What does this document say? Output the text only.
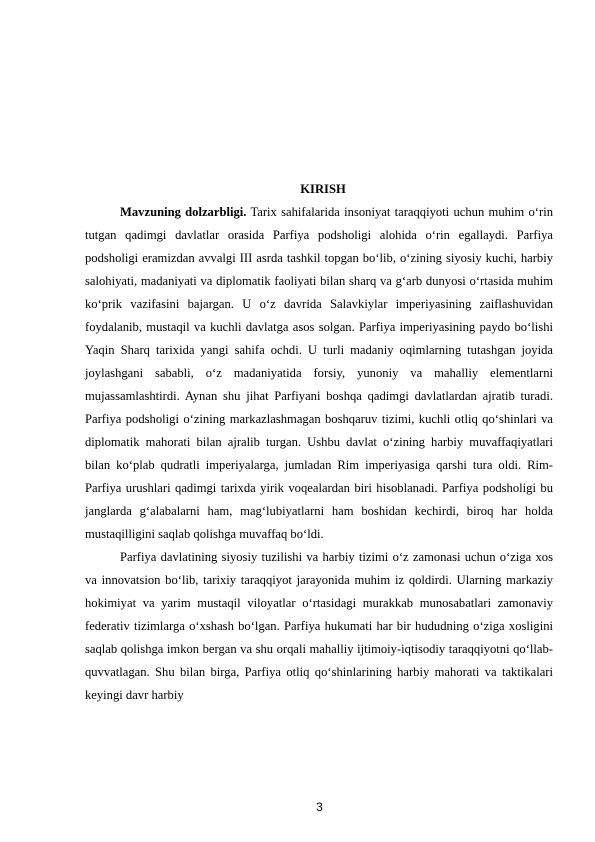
KIRISH

Mavzuning dolzarbligi. Tarix sahifalarida insoniyat taraqqiyoti uchun muhim o‘rin tutgan qadimgi davlatlar orasida Parfiya podsholigi alohida o‘rin egallaydi. Parfiya podsholigi eramizdan avvalgi III asrda tashkil topgan bo‘lib, o‘zining siyosiy kuchi, harbiy salohiyati, madaniyati va diplomatik faoliyati bilan sharq va g‘arb dunyosi o‘rtasida muhim ko‘prik vazifasini bajargan. U o‘z davrida Salavkiylar imperiyasining zaiflashuvidan foydalanib, mustaqil va kuchli davlatga asos solgan. Parfiya imperiyasining paydo bo‘lishi Yaqin Sharq tarixida yangi sahifa ochdi. U turli madaniy oqimlarning tutashgan joyida joylashgani sababli, o‘z madaniyatida forsiy, yunoniy va mahalliy elementlarni mujassamlashtirdi. Aynan shu jihat Parfiyani boshqa qadimgi davlatlardan ajratib turadi. Parfiya podsholigi o‘zining markazlashmagan boshqaruv tizimi, kuchli otliq qo‘shinlari va diplomatik mahorati bilan ajralib turgan. Ushbu davlat o‘zining harbiy muvaffaqiyatlari bilan ko‘plab qudratli imperiyalarga, jumladan Rim imperiyasiga qarshi tura oldi. Rim-Parfiya urushlari qadimgi tarixda yirik voqealardan biri hisoblanadi. Parfiya podsholigi bu janglarda g‘alabalarni ham, mag‘lubiyatlarni ham boshidan kechirdi, biroq har holda mustaqilligini saqlab qolishga muvaffaq bo‘ldi.

Parfiya davlatining siyosiy tuzilishi va harbiy tizimi o‘z zamonasi uchun o‘ziga xos va innovatsion bo‘lib, tarixiy taraqqiyot jarayonida muhim iz qoldirdi. Ularning markaziy hokimiyat va yarim mustaqil viloyatlar o‘rtasidagi murakkab munosabatlari zamonaviy federativ tizimlarga o‘xshash bo‘lgan. Parfiya hukumati har bir hududning o‘ziga xosligini saqlab qolishga imkon bergan va shu orqali mahalliy ijtimoiy-iqtisodiy taraqqiyotni qo‘llab-quvvatlagan. Shu bilan birga, Parfiya otliq qo‘shinlarining harbiy mahorati va taktikalari keyingi davr harbiy

3
